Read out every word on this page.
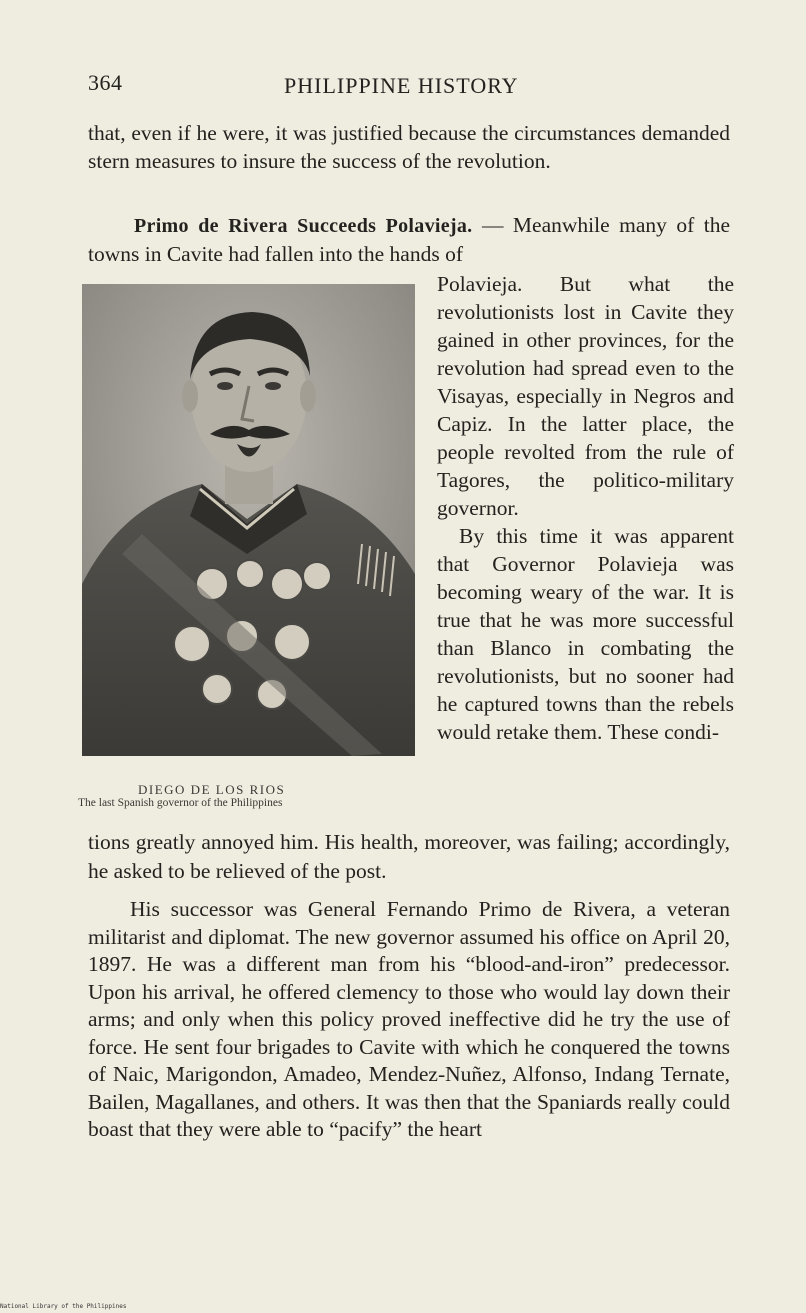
364	PHILIPPINE HISTORY

that, even if he were, it was justified because the circumstances demanded stern measures to insure the success of the revolution.

Primo de Rivera Succeeds Polavieja. — Meanwhile many of the towns in Cavite had fallen into the hands of

Polavieja. But what the revolutionists lost in Cavite they gained in other provinces, for the revolution had spread even to the Visayas, especially in Negros and Capiz. In the latter place, the people revolted from the rule of Tagores, the politico-military governor.

By this time it was apparent that Governor Polavieja was becoming weary of the war. It is true that he was more successful than Blanco in combating the revolutionists, but no sooner had he captured towns than the rebels would retake them. These condi-

tions greatly annoyed him. His health, moreover, was failing; accordingly, he asked to be relieved of the post.

His successor was General Fernando Primo de Rivera, a veteran militarist and diplomat. The new governor assumed his office on April 20, 1897. He was a different man from his “blood-and-iron” predecessor. Upon his arrival, he offered clemency to those who would lay down their arms; and only when this policy proved ineffective did he try the use of force. He sent four brigades to Cavite with which he conquered the towns of Naic, Marigondon, Amadeo, Mendez-Nuñez, Alfonso, Indang Ternate, Bailen, Magallanes, and others. It was then that the Spaniards really could boast that they were able to “pacify” the heart

DIEGO DE LOS RIOS
The last Spanish governor of the Philippines
National Library of the Philippines
